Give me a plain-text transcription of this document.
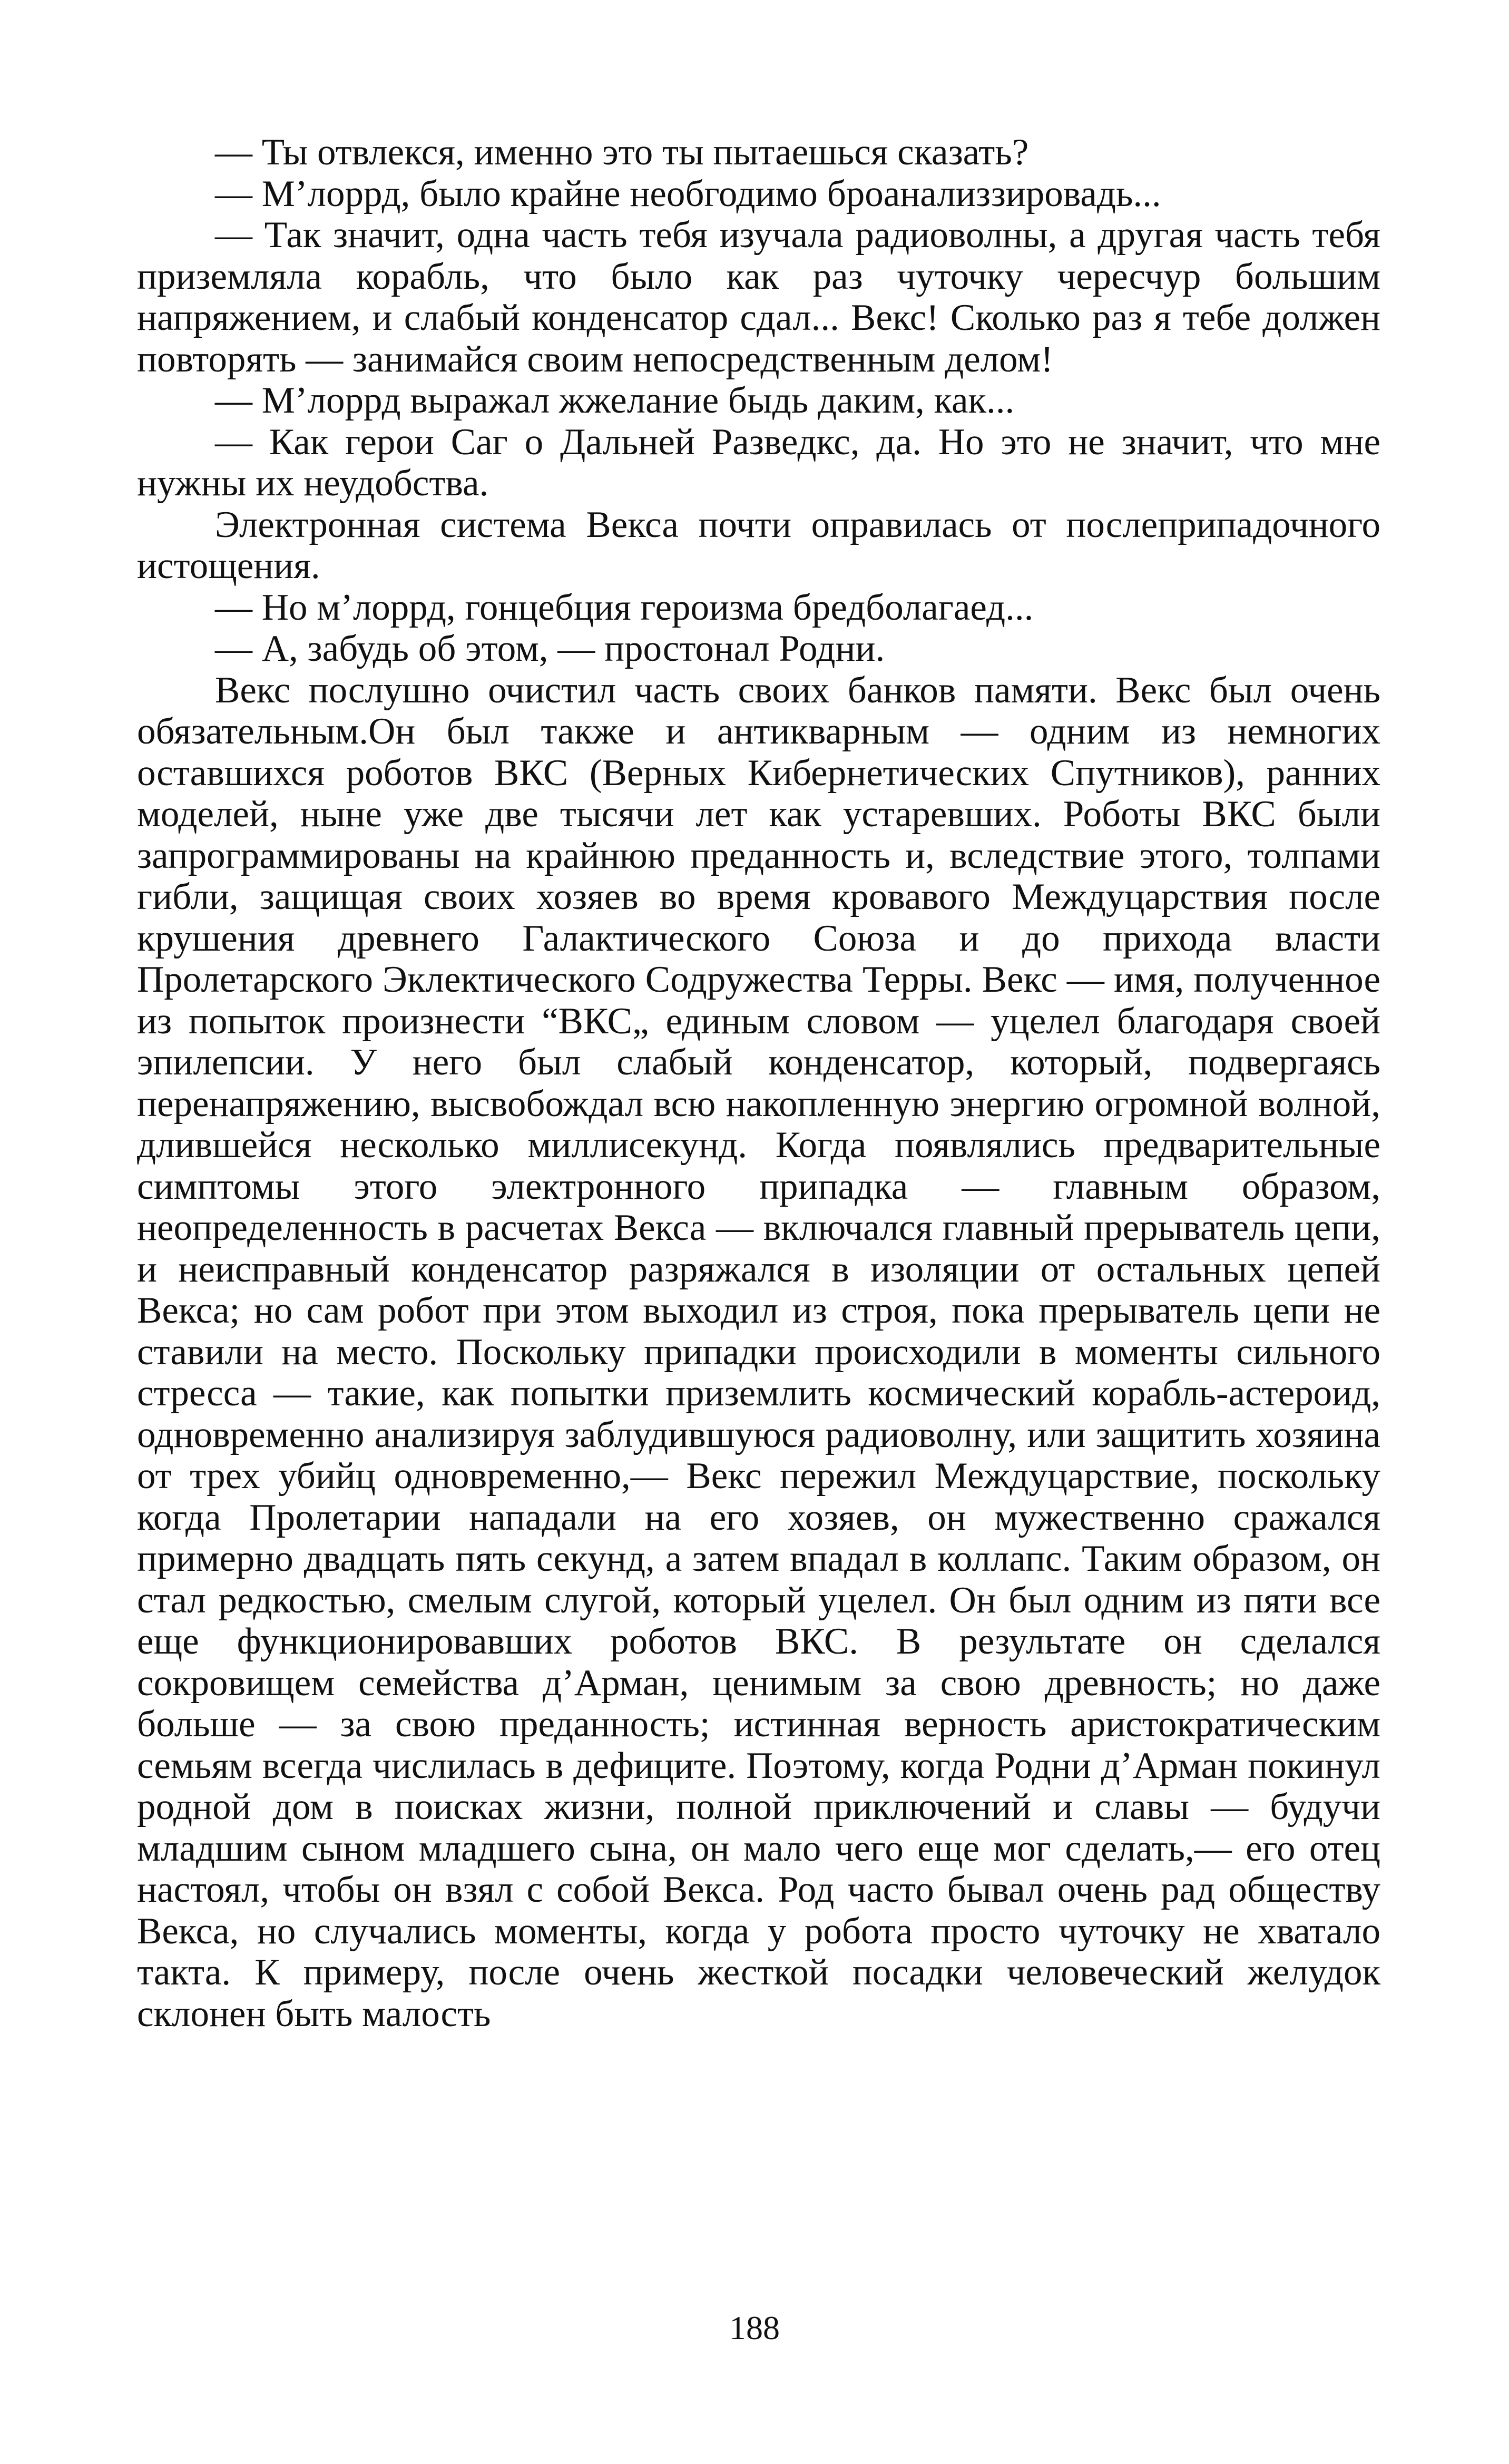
— Ты отвлекся, именно это ты пытаешься сказать?

— М’лоррд, было крайне необгодимо броанализзировадь...

— Так значит, одна часть тебя изучала радиоволны, а другая часть тебя приземляла корабль, что было как раз чуточку чересчур большим напряжением, и слабый конденсатор сдал... Векс! Сколько раз я тебе должен повторять — занимайся своим непосредственным делом!

— М’лоррд выражал жжелание быдь даким, как...

— Как герои Саг о Дальней Разведкс, да. Но это не значит, что мне нужны их неудобства.

Электронная система Векса почти оправилась от послеприпадочного истощения.

— Но м’лоррд, гонцебция героизма бредболагаед...

— А, забудь об этом, — простонал Родни.

Векс послушно очистил часть своих банков памяти. Векс был очень обязательным.Он был также и антикварным — одним из немногих оставшихся роботов ВКС (Верных Кибернетических Спутников), ранних моделей, ныне уже две тысячи лет как устаревших. Роботы ВКС были запрограммированы на крайнюю преданность и, вследствие этого, толпами гибли, защищая своих хозяев во время кровавого Междуцарствия после крушения древнего Галактического Союза и до прихода власти Пролетарского Эклектического Содружества Терры. Векс — имя, полученное из попыток произнести “ВКС„ единым словом — уцелел благодаря своей эпилепсии. У него был слабый конденсатор, который, подвергаясь перенапряжению, высвобождал всю накопленную энергию огромной волной, длившейся несколько миллисекунд. Когда появлялись предварительные симптомы этого электронного припадка — главным образом, неопределенность в расчетах Векса — включался главный прерыватель цепи, и неисправный конденсатор разряжался в изоляции от остальных цепей Векса; но сам робот при этом выходил из строя, пока прерыватель цепи не ставили на место. Поскольку припадки происходили в моменты сильного стресса — такие, как попытки приземлить космический корабль-астероид, одновременно анализируя заблудившуюся радиоволну, или защитить хозяина от трех убийц одновременно,— Векс пережил Междуцарствие, поскольку когда Пролетарии нападали на его хозяев, он мужественно сражался примерно двадцать пять секунд, а затем впадал в коллапс. Таким образом, он стал редкостью, смелым слугой, который уцелел. Он был одним из пяти все еще функционировавших роботов ВКС. В результате он сделался сокровищем семейства д’Арман, ценимым за свою древность; но даже больше — за свою преданность; истинная верность аристократическим семьям всегда числилась в дефиците. Поэтому, когда Родни д’Арман покинул родной дом в поисках жизни, полной приключений и славы — будучи младшим сыном младшего сына, он мало чего еще мог сделать,— его отец настоял, чтобы он взял с собой Векса. Род часто бывал очень рад обществу Векса, но случались моменты, когда у робота просто чуточку не хватало такта. К примеру, после очень жесткой посадки человеческий желудок склонен быть малость

188
